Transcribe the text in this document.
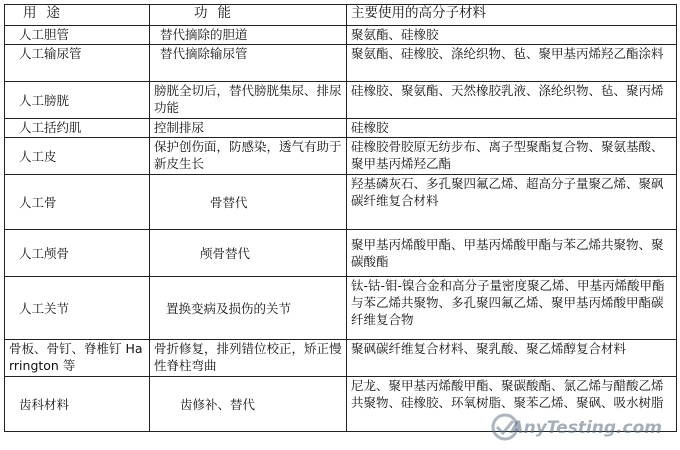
用途	功能	主要使用的高分子材料
人工胆管	替代摘除的胆道	聚氨酯、硅橡胶
人工输尿管	替代摘除输尿管	聚氨酯、硅橡胶、涤纶织物、毡、聚甲基丙烯羟乙酯涂料
人工膀胱	膀胱全切后，替代膀胱集尿、排尿功能	硅橡胶、聚氨酯、天然橡胶乳液、涤纶织物、毡、聚丙烯
人工括约肌	控制排尿	硅橡胶
人工皮	保护创伤面，防感染，透气有助于新皮生长	硅橡胶骨胶原无纺步布、离子型聚酯复合物、聚氨基酸、聚甲基丙烯羟乙酯
人工骨	骨替代	羟基磷灰石、多孔聚四氟乙烯、超高分子量聚乙烯、聚砜碳纤维复合材料
人工颅骨	颅骨替代	聚甲基丙烯酸甲酯、甲基丙烯酸甲酯与苯乙烯共聚物、聚碳酸酯
人工关节	置换变病及损伤的关节	钛-钴-钼-镍合金和高分子量密度聚乙烯、甲基丙烯酸甲酯与苯乙烯共聚物、多孔聚四氟乙烯、聚甲基丙烯酸甲酯碳纤维复合物
骨板、骨钉、脊椎钉 Harrington 等	骨折修复，排列错位校正，矫正慢性脊柱弯曲	聚砜碳纤维复合材料、聚乳酸、聚乙烯醇复合材料
齿科材料	齿修补、替代	尼龙、聚甲基丙烯酸甲酯、聚碳酸酯、氯乙烯与醋酸乙烯共聚物、硅橡胶、环氧树脂、聚苯乙烯、聚砜、吸水树脂
AnyTesting.com
